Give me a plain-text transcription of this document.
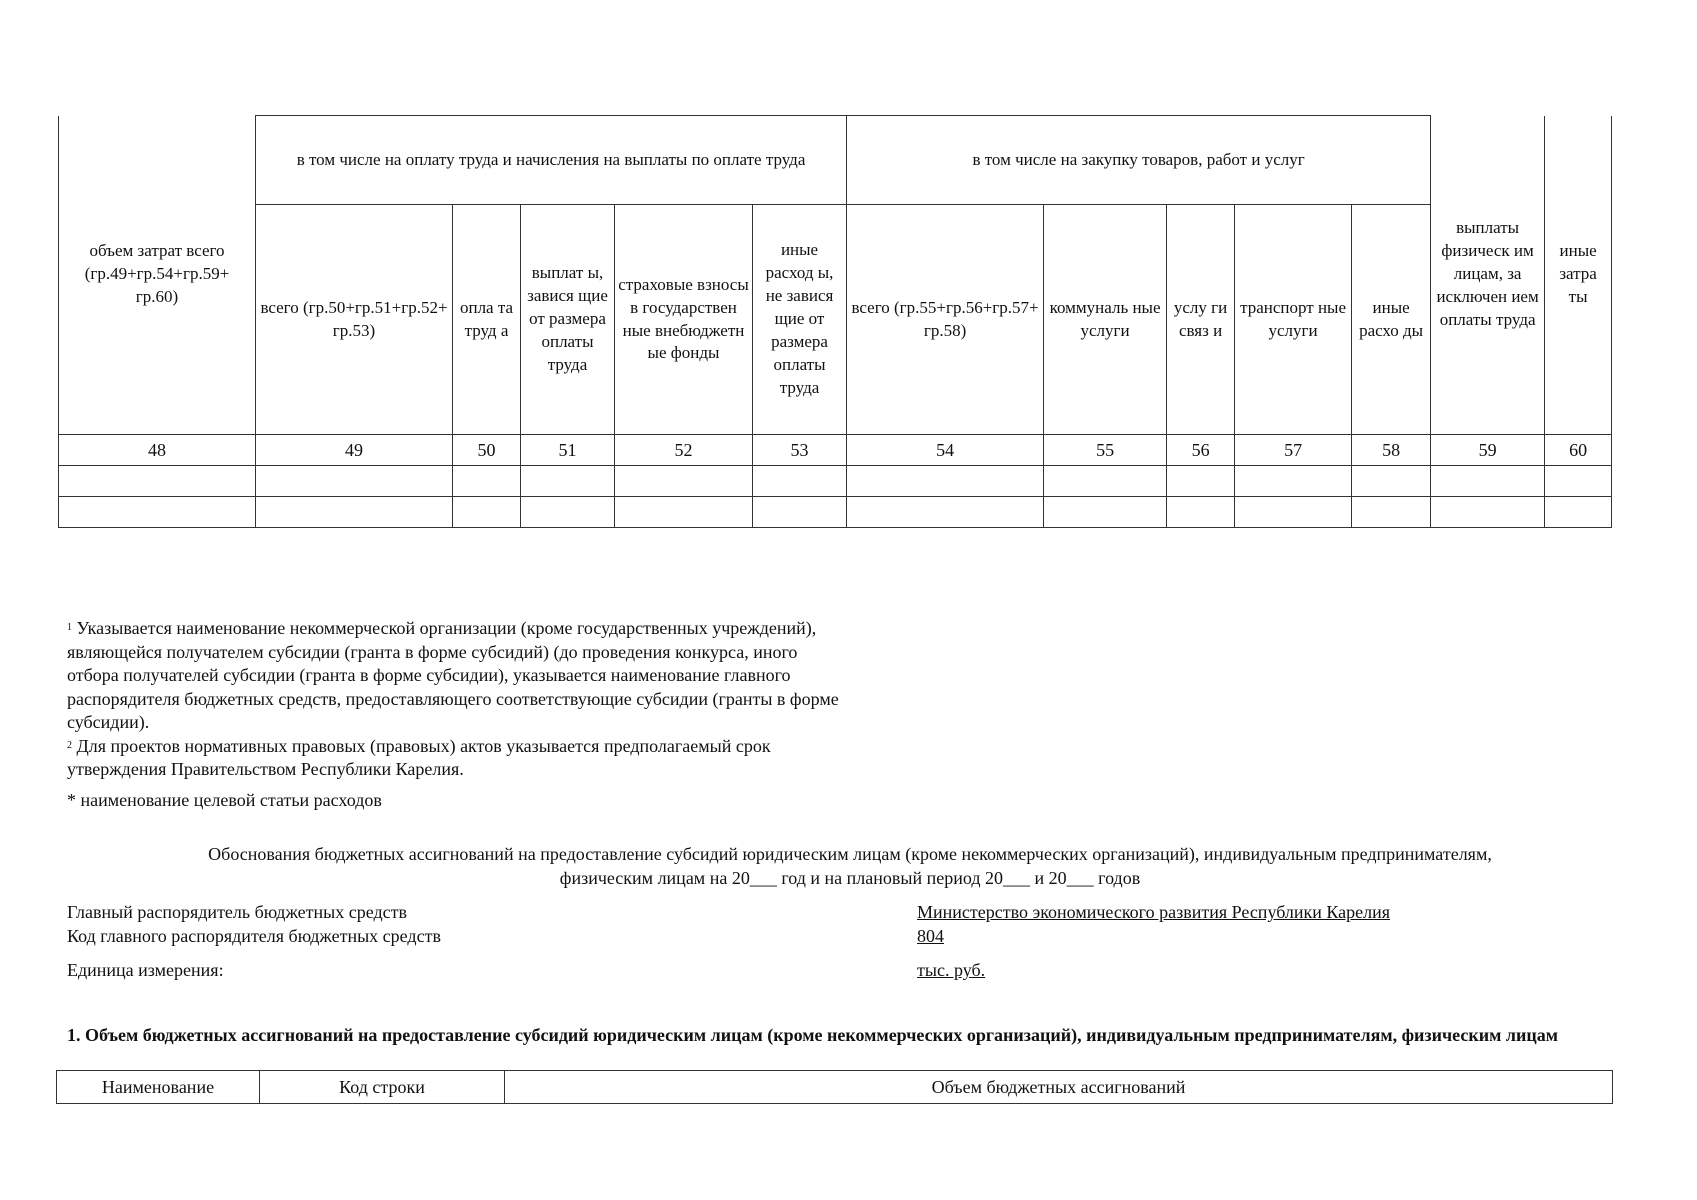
объем затрат всего (гр.49+гр.54+гр.59+ гр.60)	в том числе на оплату труда и начисления на выплаты по оплате труда					в том числе на закупку товаров, работ и услуг					выплаты физическ им лицам, за исключен ием оплаты труда	иные затра ты
	всего (гр.50+гр.51+гр.52+ гр.53)	опла та труд а	выплат ы, завися щие от размера оплаты труда	страховые взносы в государствен ные внебюджетн ые фонды	иные расход ы, не завися щие от размера оплаты труда	всего (гр.55+гр.56+гр.57+ гр.58)	коммуналь ные услуги	услу ги связ и	транспорт ные услуги	иные расхо ды		
48	49	50	51	52	53	54	55	56	57	58	59	60

$^1$ Указывается наименование некоммерческой организации (кроме государственных учреждений), являющейся получателем субсидии (гранта в форме субсидий) (до проведения конкурса, иного отбора получателей субсидии (гранта в форме субсидии), указывается наименование главного распорядителя бюджетных средств, предоставляющего соответствующие субсидии (гранты в форме субсидии).

$^2$ Для проектов нормативных правовых (правовых) актов указывается предполагаемый срок утверждения Правительством Республики Карелия.

* наименование целевой статьи расходов

Обоснования бюджетных ассигнований на предоставление субсидий юридическим лицам (кроме некоммерческих организаций), индивидуальным предпринимателям,
физическим лицам на 20___ год и на плановый период 20___ и 20___ годов
Главный распорядитель бюджетных средств	Министерство экономического развития Республики Карелия
Код главного распорядителя бюджетных средств	804
Единица измерения:	тыс. руб.
1. Объем бюджетных ассигнований на предоставление субсидий юридическим лицам (кроме некоммерческих организаций), индивидуальным предпринимателям, физическим лицам
Наименование	Код строки	Объем бюджетных ассигнований
